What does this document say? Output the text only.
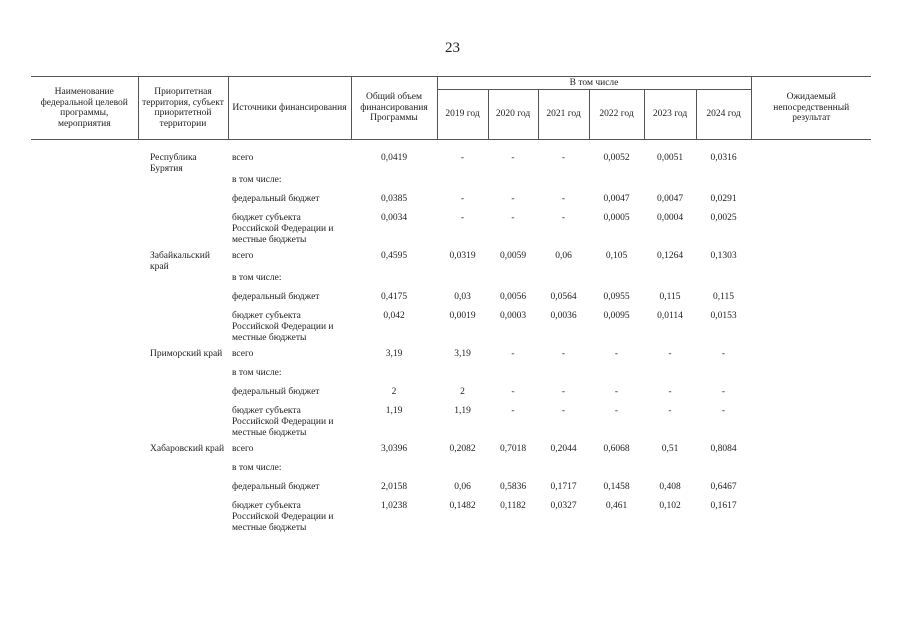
23
Наименование федеральной целевой программы, мероприятия	Приоритетная территория, субъект приоритетной территории	Источники финансирования	Общий объем финансирования Программы	В том числе						Ожидаемый непосредственный результат
				2019 год	2020 год	2021 год	2022 год	2023 год	2024 год	

	Республика Бурятия	всего	0,0419	-	-	-	0,0052	0,0051	0,0316	
		в том числе:								
		федеральный бюджет	0,0385	-	-	-	0,0047	0,0047	0,0291	
		бюджет субъекта Российской Федерации и местные бюджеты	0,0034	-	-	-	0,0005	0,0004	0,0025	
	Забайкальский край	всего	0,4595	0,0319	0,0059	0,06	0,105	0,1264	0,1303	
		в том числе:								
		федеральный бюджет	0,4175	0,03	0,0056	0,0564	0,0955	0,115	0,115	
		бюджет субъекта Российской Федерации и местные бюджеты	0,042	0,0019	0,0003	0,0036	0,0095	0,0114	0,0153	
	Приморский край	всего	3,19	3,19	-	-	-	-	-	
		в том числе:								
		федеральный бюджет	2	2	-	-	-	-	-	
		бюджет субъекта Российской Федерации и местные бюджеты	1,19	1,19	-	-	-	-	-	
	Хабаровский край	всего	3,0396	0,2082	0,7018	0,2044	0,6068	0,51	0,8084	
		в том числе:								
		федеральный бюджет	2,0158	0,06	0,5836	0,1717	0,1458	0,408	0,6467	
		бюджет субъекта Российской Федерации и местные бюджеты	1,0238	0,1482	0,1182	0,0327	0,461	0,102	0,1617	
